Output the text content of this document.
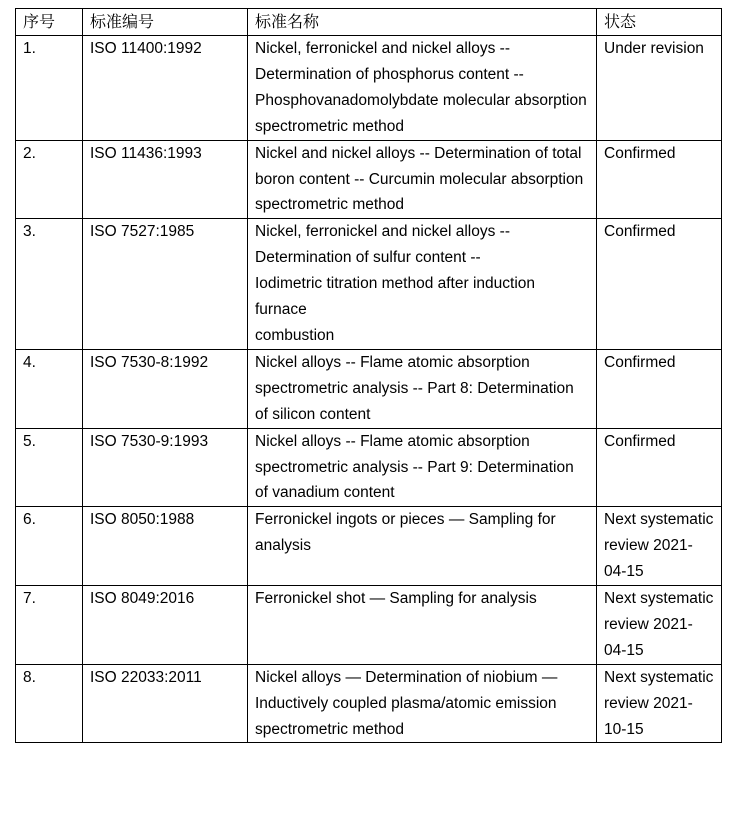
序号	标准编号	标准名称	状态
1.	ISO 11400:1992	Nickel, ferronickel and nickel alloys -- Determination of phosphorus content -- Phosphovanadomolybdate molecular absorption spectrometric method	Under revision
2.	ISO 11436:1993	Nickel and nickel alloys -- Determination of total boron content -- Curcumin molecular absorption spectrometric method	Confirmed
3.	ISO 7527:1985	Nickel, ferronickel and nickel alloys --
Determination of sulfur content --
Iodimetric titration method after induction
furnace
combustion	Confirmed
4.	ISO 7530-8:1992	Nickel alloys -- Flame atomic absorption spectrometric analysis -- Part 8: Determination of silicon content	Confirmed
5.	ISO 7530-9:1993	Nickel alloys -- Flame atomic absorption spectrometric analysis -- Part 9: Determination of vanadium content	Confirmed
6.	ISO 8050:1988	Ferronickel ingots or pieces — Sampling for analysis	Next systematic review 2021-04-15
7.	ISO 8049:2016	Ferronickel shot — Sampling for analysis	Next systematic review 2021-04-15
8.	ISO 22033:2011	Nickel alloys — Determination of niobium — Inductively coupled plasma/atomic emission spectrometric method	Next systematic review 2021-10-15
